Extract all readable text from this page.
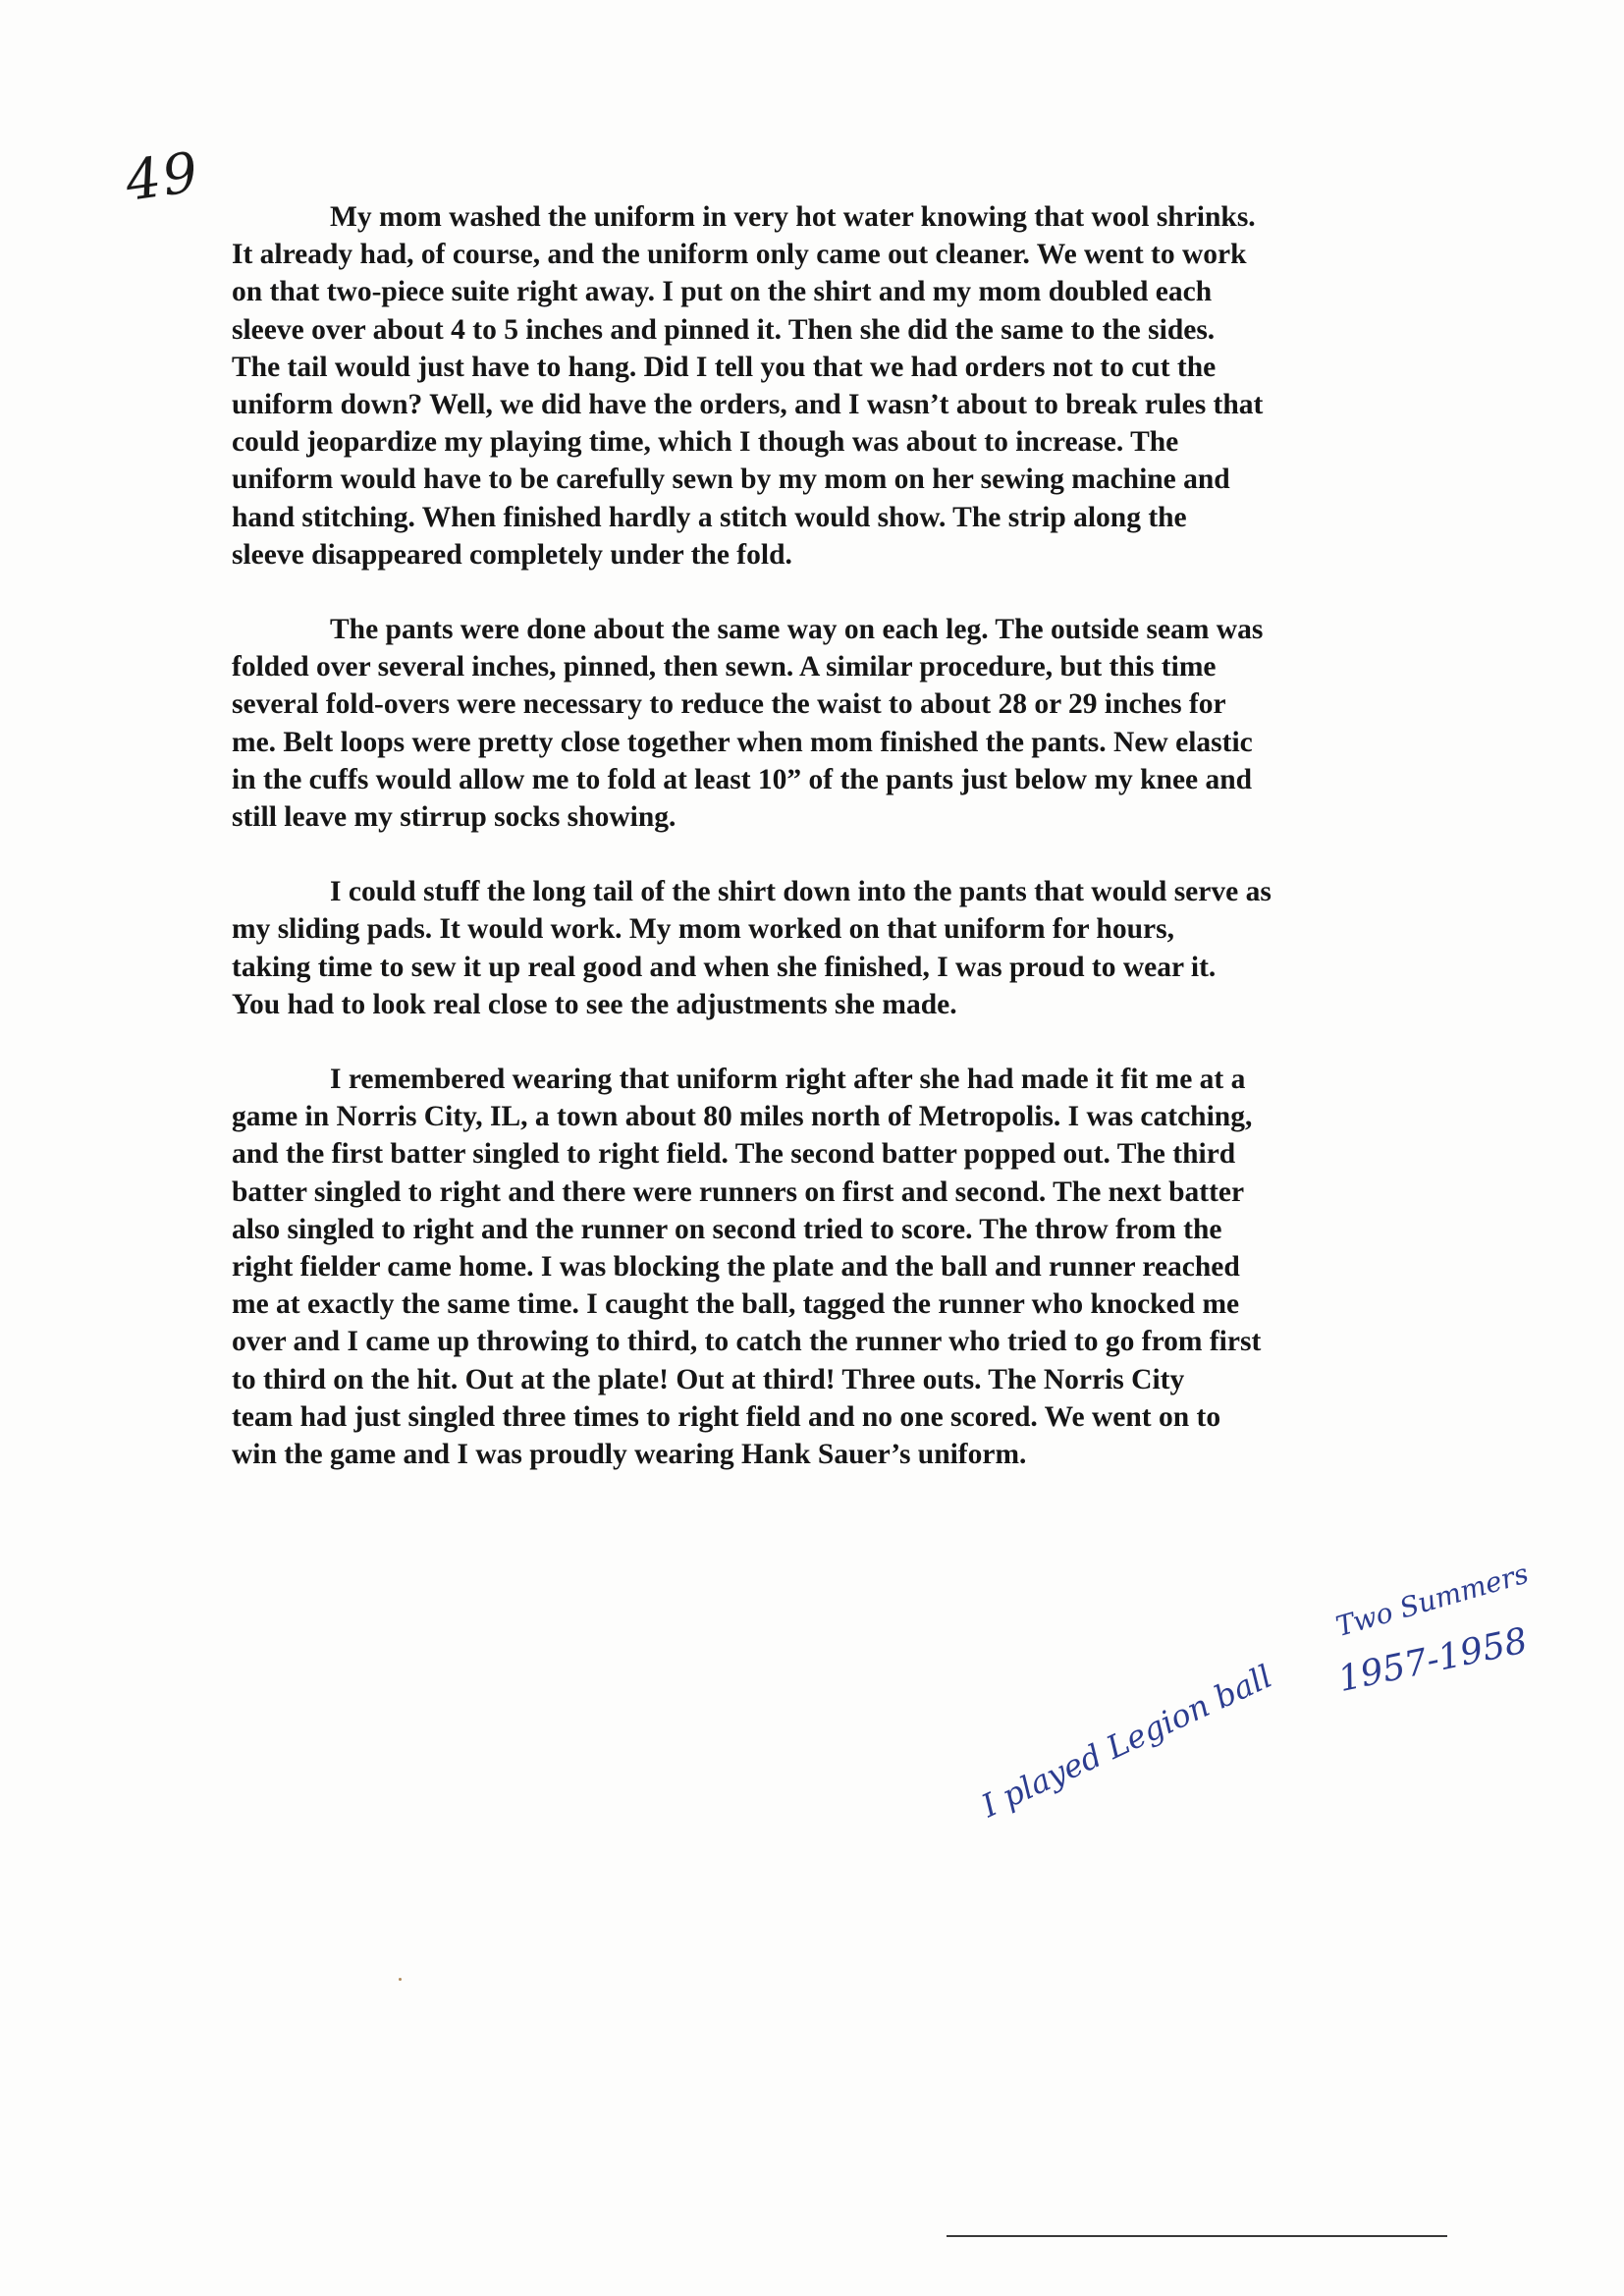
49

My mom washed the uniform in very hot water knowing that wool shrinks.
It already had, of course, and the uniform only came out cleaner. We went to work
on that two-piece suite right away. I put on the shirt and my mom doubled each
sleeve over about 4 to 5 inches and pinned it. Then she did the same to the sides.
The tail would just have to hang. Did I tell you that we had orders not to cut the
uniform down? Well, we did have the orders, and I wasn’t about to break rules that
could jeopardize my playing time, which I though was about to increase. The
uniform would have to be carefully sewn by my mom on her sewing machine and
hand stitching. When finished hardly a stitch would show. The strip along the
sleeve disappeared completely under the fold.

The pants were done about the same way on each leg. The outside seam was
folded over several inches, pinned, then sewn. A similar procedure, but this time
several fold-overs were necessary to reduce the waist to about 28 or 29 inches for
me. Belt loops were pretty close together when mom finished the pants. New elastic
in the cuffs would allow me to fold at least 10” of the pants just below my knee and
still leave my stirrup socks showing.

I could stuff the long tail of the shirt down into the pants that would serve as
my sliding pads. It would work. My mom worked on that uniform for hours,
taking time to sew it up real good and when she finished, I was proud to wear it.
You had to look real close to see the adjustments she made.

I remembered wearing that uniform right after she had made it fit me at a
game in Norris City, IL, a town about 80 miles north of Metropolis. I was catching,
and the first batter singled to right field. The second batter popped out. The third
batter singled to right and there were runners on first and second. The next batter
also singled to right and the runner on second tried to score. The throw from the
right fielder came home. I was blocking the plate and the ball and runner reached
me at exactly the same time. I caught the ball, tagged the runner who knocked me
over and I came up throwing to third, to catch the runner who tried to go from first
to third on the hit. Out at the plate! Out at third! Three outs. The Norris City
team had just singled three times to right field and no one scored. We went on to
win the game and I was proudly wearing Hank Sauer’s uniform.

I played Legion ball
Two Summers
1957-1958
